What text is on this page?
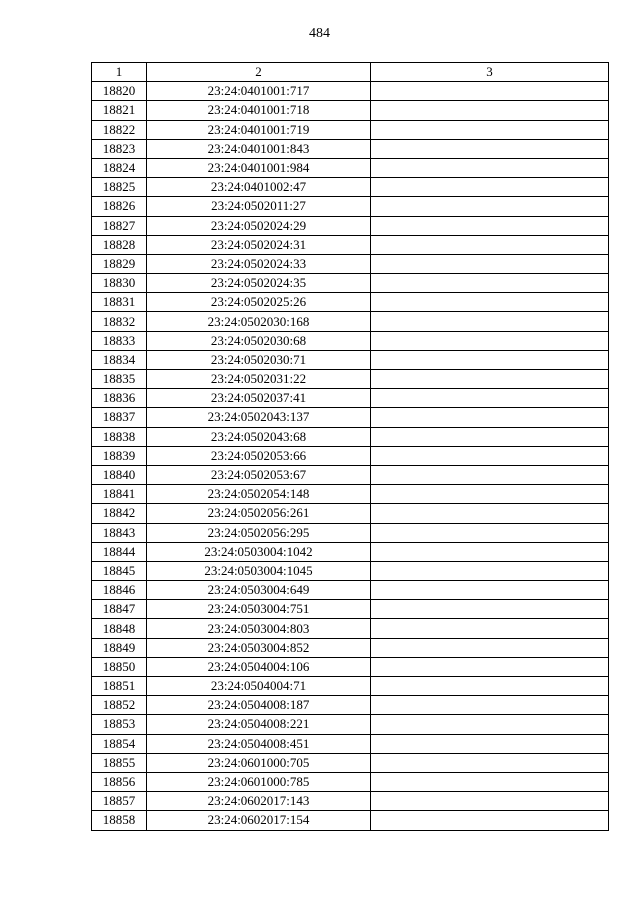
484
1	2	3
18820	23:24:0401001:717	
18821	23:24:0401001:718	
18822	23:24:0401001:719	
18823	23:24:0401001:843	
18824	23:24:0401001:984	
18825	23:24:0401002:47	
18826	23:24:0502011:27	
18827	23:24:0502024:29	
18828	23:24:0502024:31	
18829	23:24:0502024:33	
18830	23:24:0502024:35	
18831	23:24:0502025:26	
18832	23:24:0502030:168	
18833	23:24:0502030:68	
18834	23:24:0502030:71	
18835	23:24:0502031:22	
18836	23:24:0502037:41	
18837	23:24:0502043:137	
18838	23:24:0502043:68	
18839	23:24:0502053:66	
18840	23:24:0502053:67	
18841	23:24:0502054:148	
18842	23:24:0502056:261	
18843	23:24:0502056:295	
18844	23:24:0503004:1042	
18845	23:24:0503004:1045	
18846	23:24:0503004:649	
18847	23:24:0503004:751	
18848	23:24:0503004:803	
18849	23:24:0503004:852	
18850	23:24:0504004:106	
18851	23:24:0504004:71	
18852	23:24:0504008:187	
18853	23:24:0504008:221	
18854	23:24:0504008:451	
18855	23:24:0601000:705	
18856	23:24:0601000:785	
18857	23:24:0602017:143	
18858	23:24:0602017:154	
